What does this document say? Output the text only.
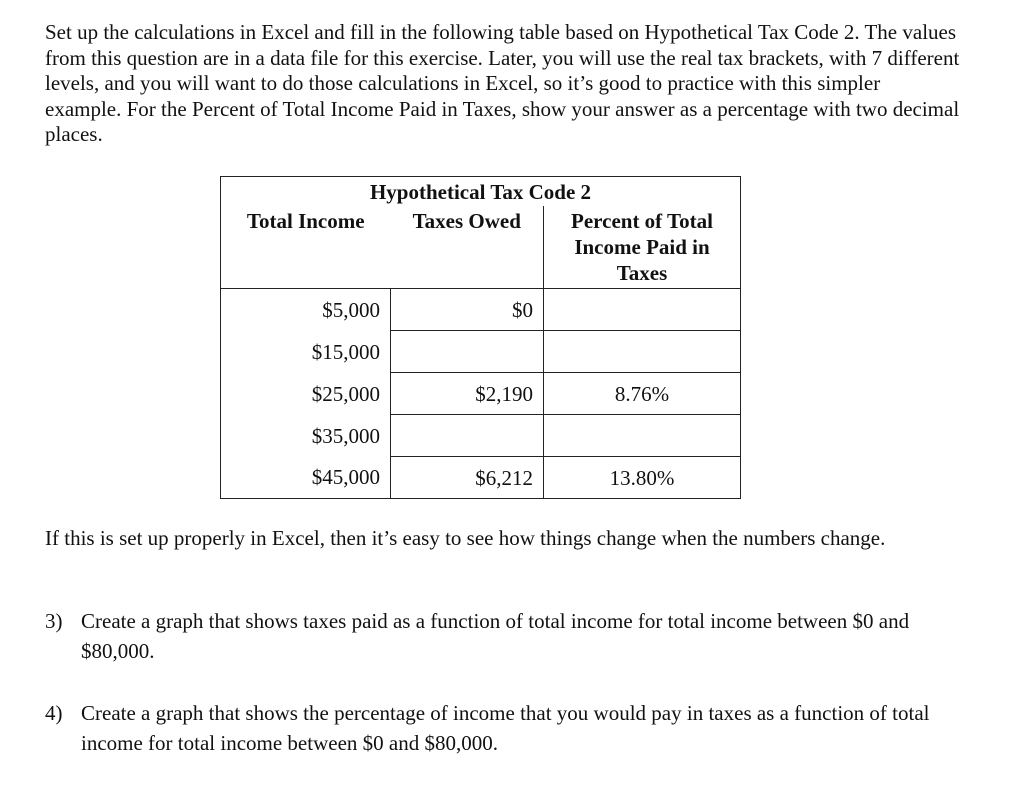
Set up the calculations in Excel and fill in the following table based on Hypothetical Tax Code 2. The values from this question are in a data file for this exercise. Later, you will use the real tax brackets, with 7 different levels, and you will want to do those calculations in Excel, so it’s good to practice with this simpler example. For the Percent of Total Income Paid in Taxes, show your answer as a percentage with two decimal places.

Hypothetical Tax Code 2		
Total Income	Taxes Owed	Percent of Total Income Paid in Taxes
$5,000	$0	
$15,000		
$25,000	$2,190	8.76%
$35,000		
$45,000	$6,212	13.80%

If this is set up properly in Excel, then it’s easy to see how things change when the numbers change.

3) Create a graph that shows taxes paid as a function of total income for total income between $0 and $80,000.
4) Create a graph that shows the percentage of income that you would pay in taxes as a function of total income for total income between $0 and $80,000.
